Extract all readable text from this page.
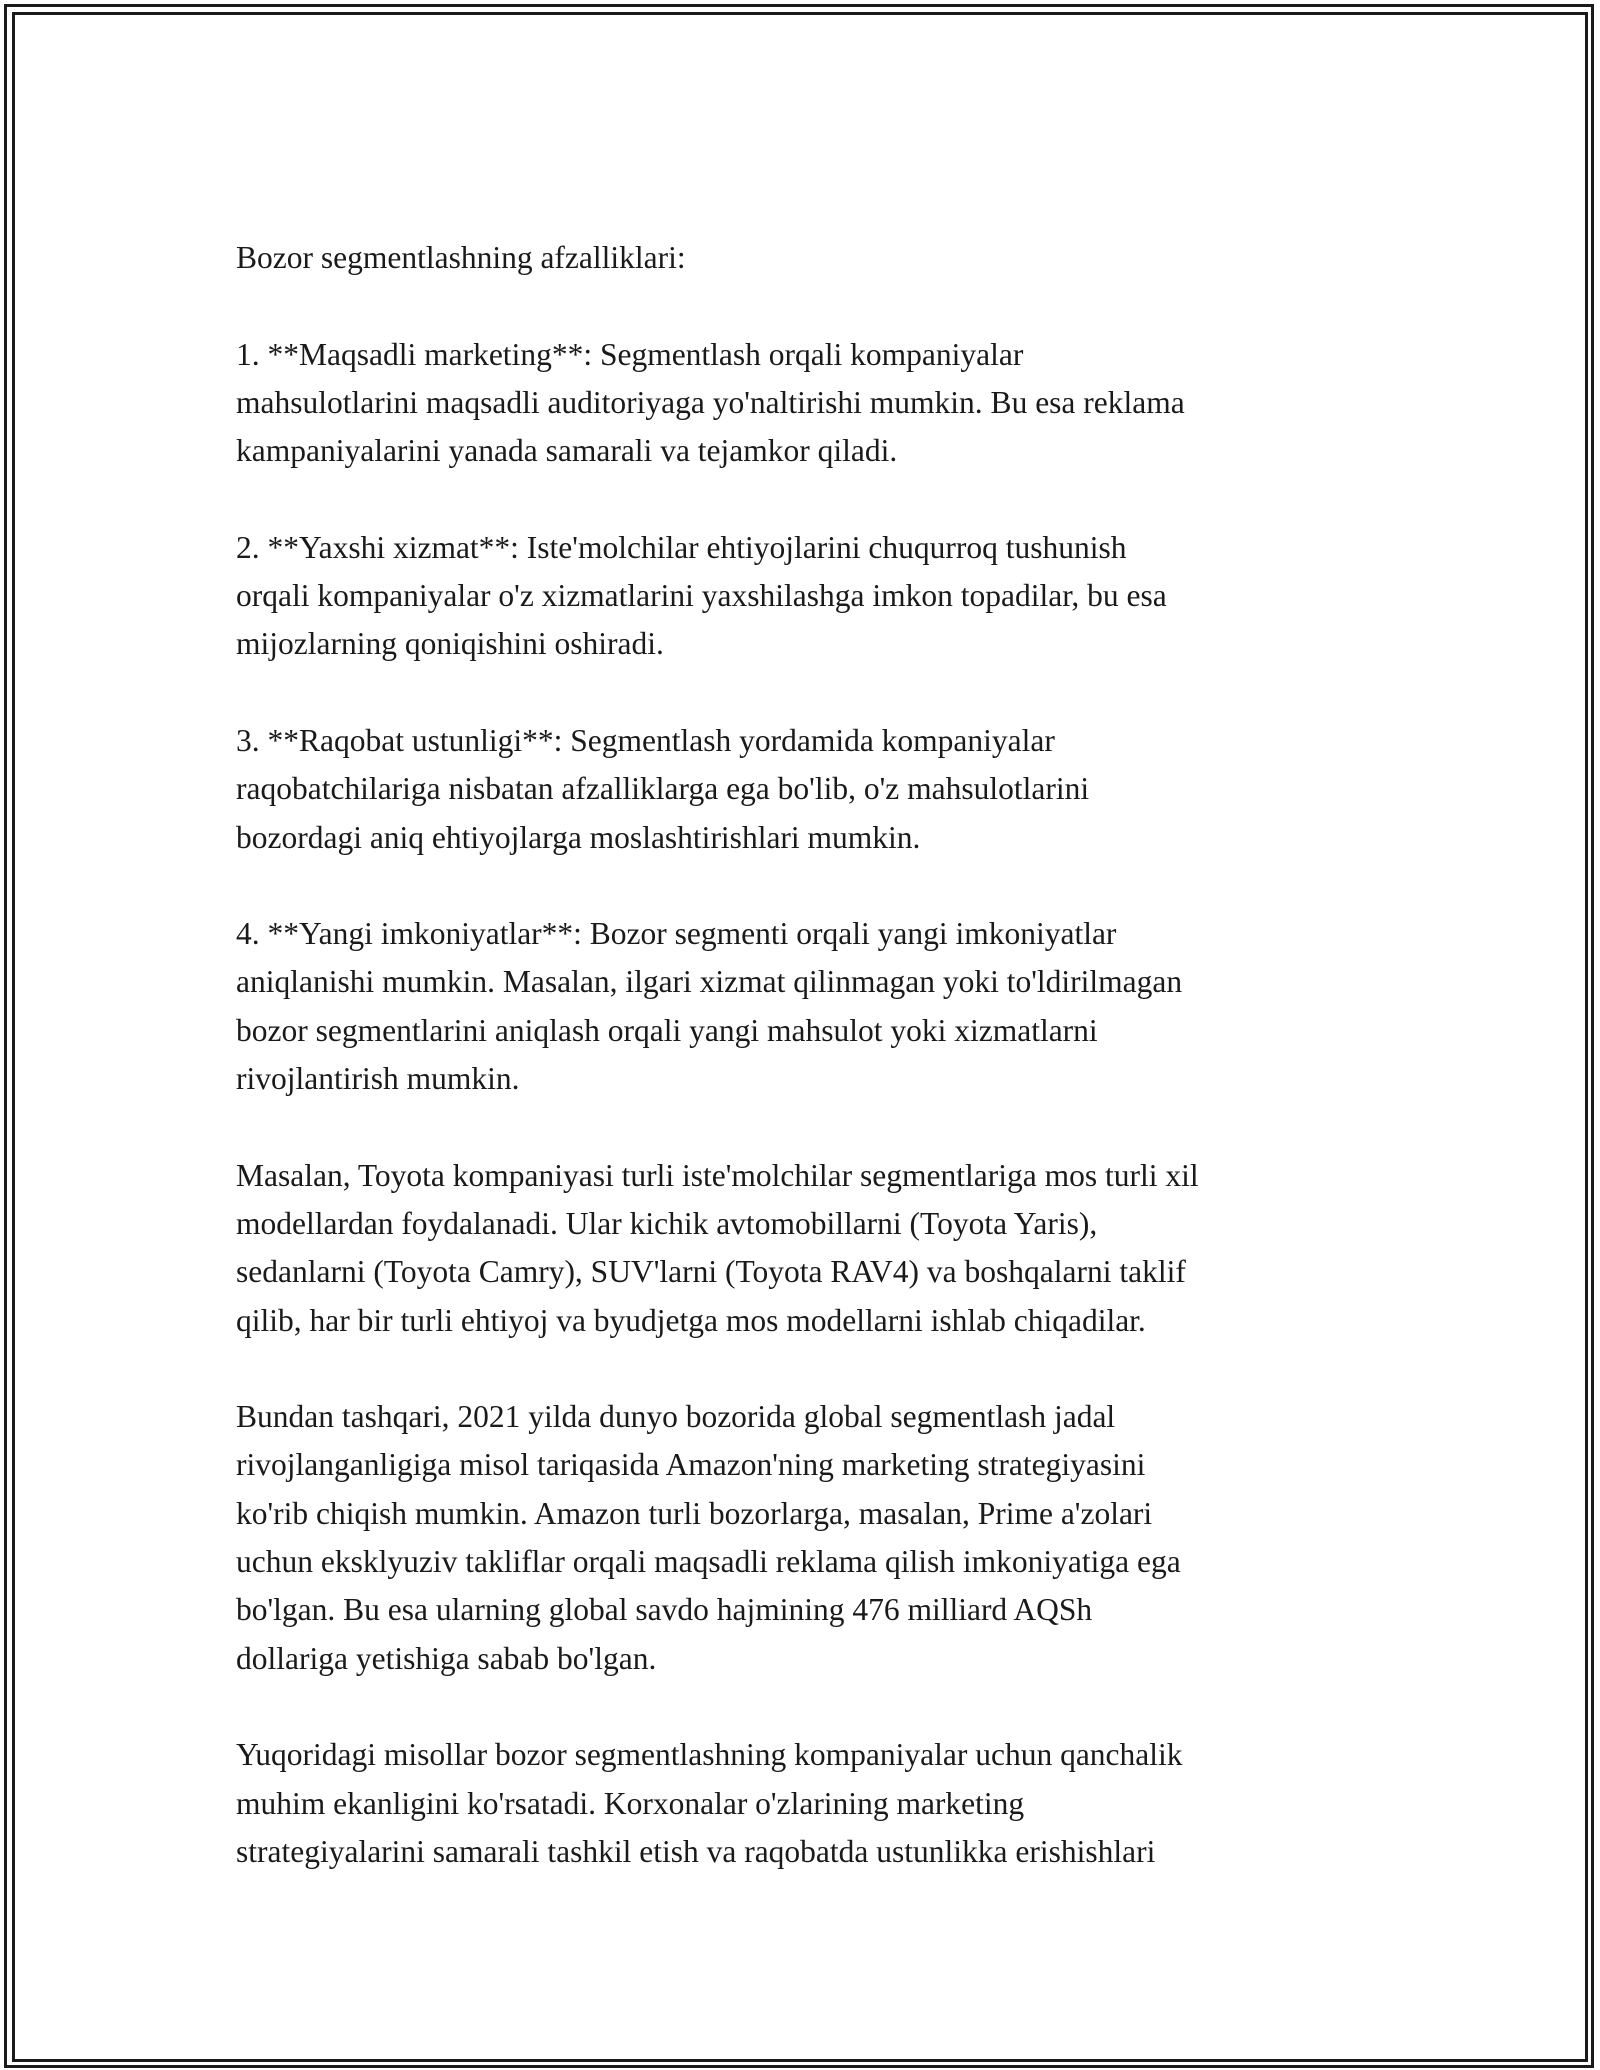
Bozor segmentlashning afzalliklari:

1. **Maqsadli marketing**: Segmentlash orqali kompaniyalar
mahsulotlarini maqsadli auditoriyaga yo'naltirishi mumkin. Bu esa reklama
kampaniyalarini yanada samarali va tejamkor qiladi.

2. **Yaxshi xizmat**: Iste'molchilar ehtiyojlarini chuqurroq tushunish
orqali kompaniyalar o'z xizmatlarini yaxshilashga imkon topadilar, bu esa
mijozlarning qoniqishini oshiradi.

3. **Raqobat ustunligi**: Segmentlash yordamida kompaniyalar
raqobatchilariga nisbatan afzalliklarga ega bo'lib, o'z mahsulotlarini
bozordagi aniq ehtiyojlarga moslashtirishlari mumkin.

4. **Yangi imkoniyatlar**: Bozor segmenti orqali yangi imkoniyatlar
aniqlanishi mumkin. Masalan, ilgari xizmat qilinmagan yoki to'ldirilmagan
bozor segmentlarini aniqlash orqali yangi mahsulot yoki xizmatlarni
rivojlantirish mumkin.

Masalan, Toyota kompaniyasi turli iste'molchilar segmentlariga mos turli xil
modellardan foydalanadi. Ular kichik avtomobillarni (Toyota Yaris),
sedanlarni (Toyota Camry), SUV'larni (Toyota RAV4) va boshqalarni taklif
qilib, har bir turli ehtiyoj va byudjetga mos modellarni ishlab chiqadilar.

Bundan tashqari, 2021 yilda dunyo bozorida global segmentlash jadal
rivojlanganligiga misol tariqasida Amazon'ning marketing strategiyasini
ko'rib chiqish mumkin. Amazon turli bozorlarga, masalan, Prime a'zolari
uchun eksklyuziv takliflar orqali maqsadli reklama qilish imkoniyatiga ega
bo'lgan. Bu esa ularning global savdo hajmining 476 milliard AQSh
dollariga yetishiga sabab bo'lgan.

Yuqoridagi misollar bozor segmentlashning kompaniyalar uchun qanchalik
muhim ekanligini ko'rsatadi. Korxonalar o'zlarining marketing
strategiyalarini samarali tashkil etish va raqobatda ustunlikka erishishlari
